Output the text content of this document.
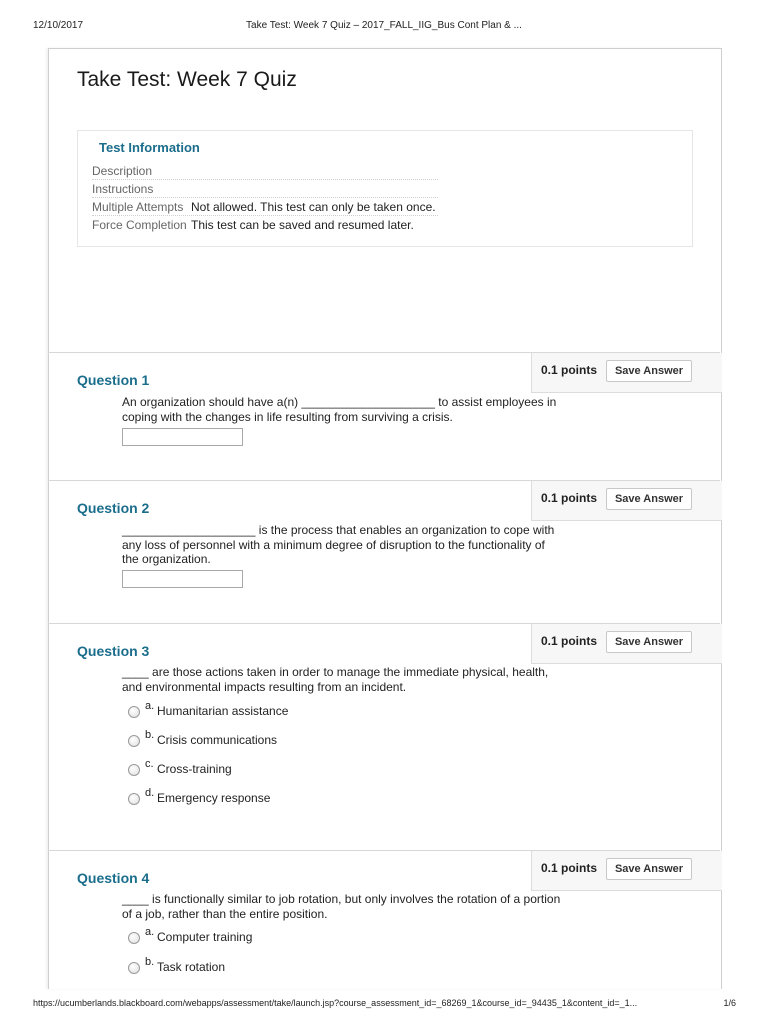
12/10/2017	Take Test: Week 7 Quiz – 2017_FALL_IIG_Bus Cont Plan & ...
Take Test: Week 7 Quiz
Test Information
Description
Instructions
Multiple Attempts Not allowed. This test can only be taken once.
Force Completion This test can be saved and resumed later.
0.1 points	Save Answer
Question 1
An organization should have a(n) ____________________ to assist employees in
coping with the changes in life resulting from surviving a crisis.
0.1 points	Save Answer
Question 2
____________________ is the process that enables an organization to cope with
any loss of personnel with a minimum degree of disruption to the functionality of
the organization.
0.1 points	Save Answer
Question 3
____ are those actions taken in order to manage the immediate physical, health,
and environmental impacts resulting from an incident.
a. Humanitarian assistance
b. Crisis communications
c. Cross-training
d. Emergency response
0.1 points	Save Answer
Question 4
____ is functionally similar to job rotation, but only involves the rotation of a portion
of a job, rather than the entire position.
a. Computer training
b. Task rotation
https://ucumberlands.blackboard.com/webapps/assessment/take/launch.jsp?course_assessment_id=_68269_1&course_id=_94435_1&content_id=_1...	1/6
